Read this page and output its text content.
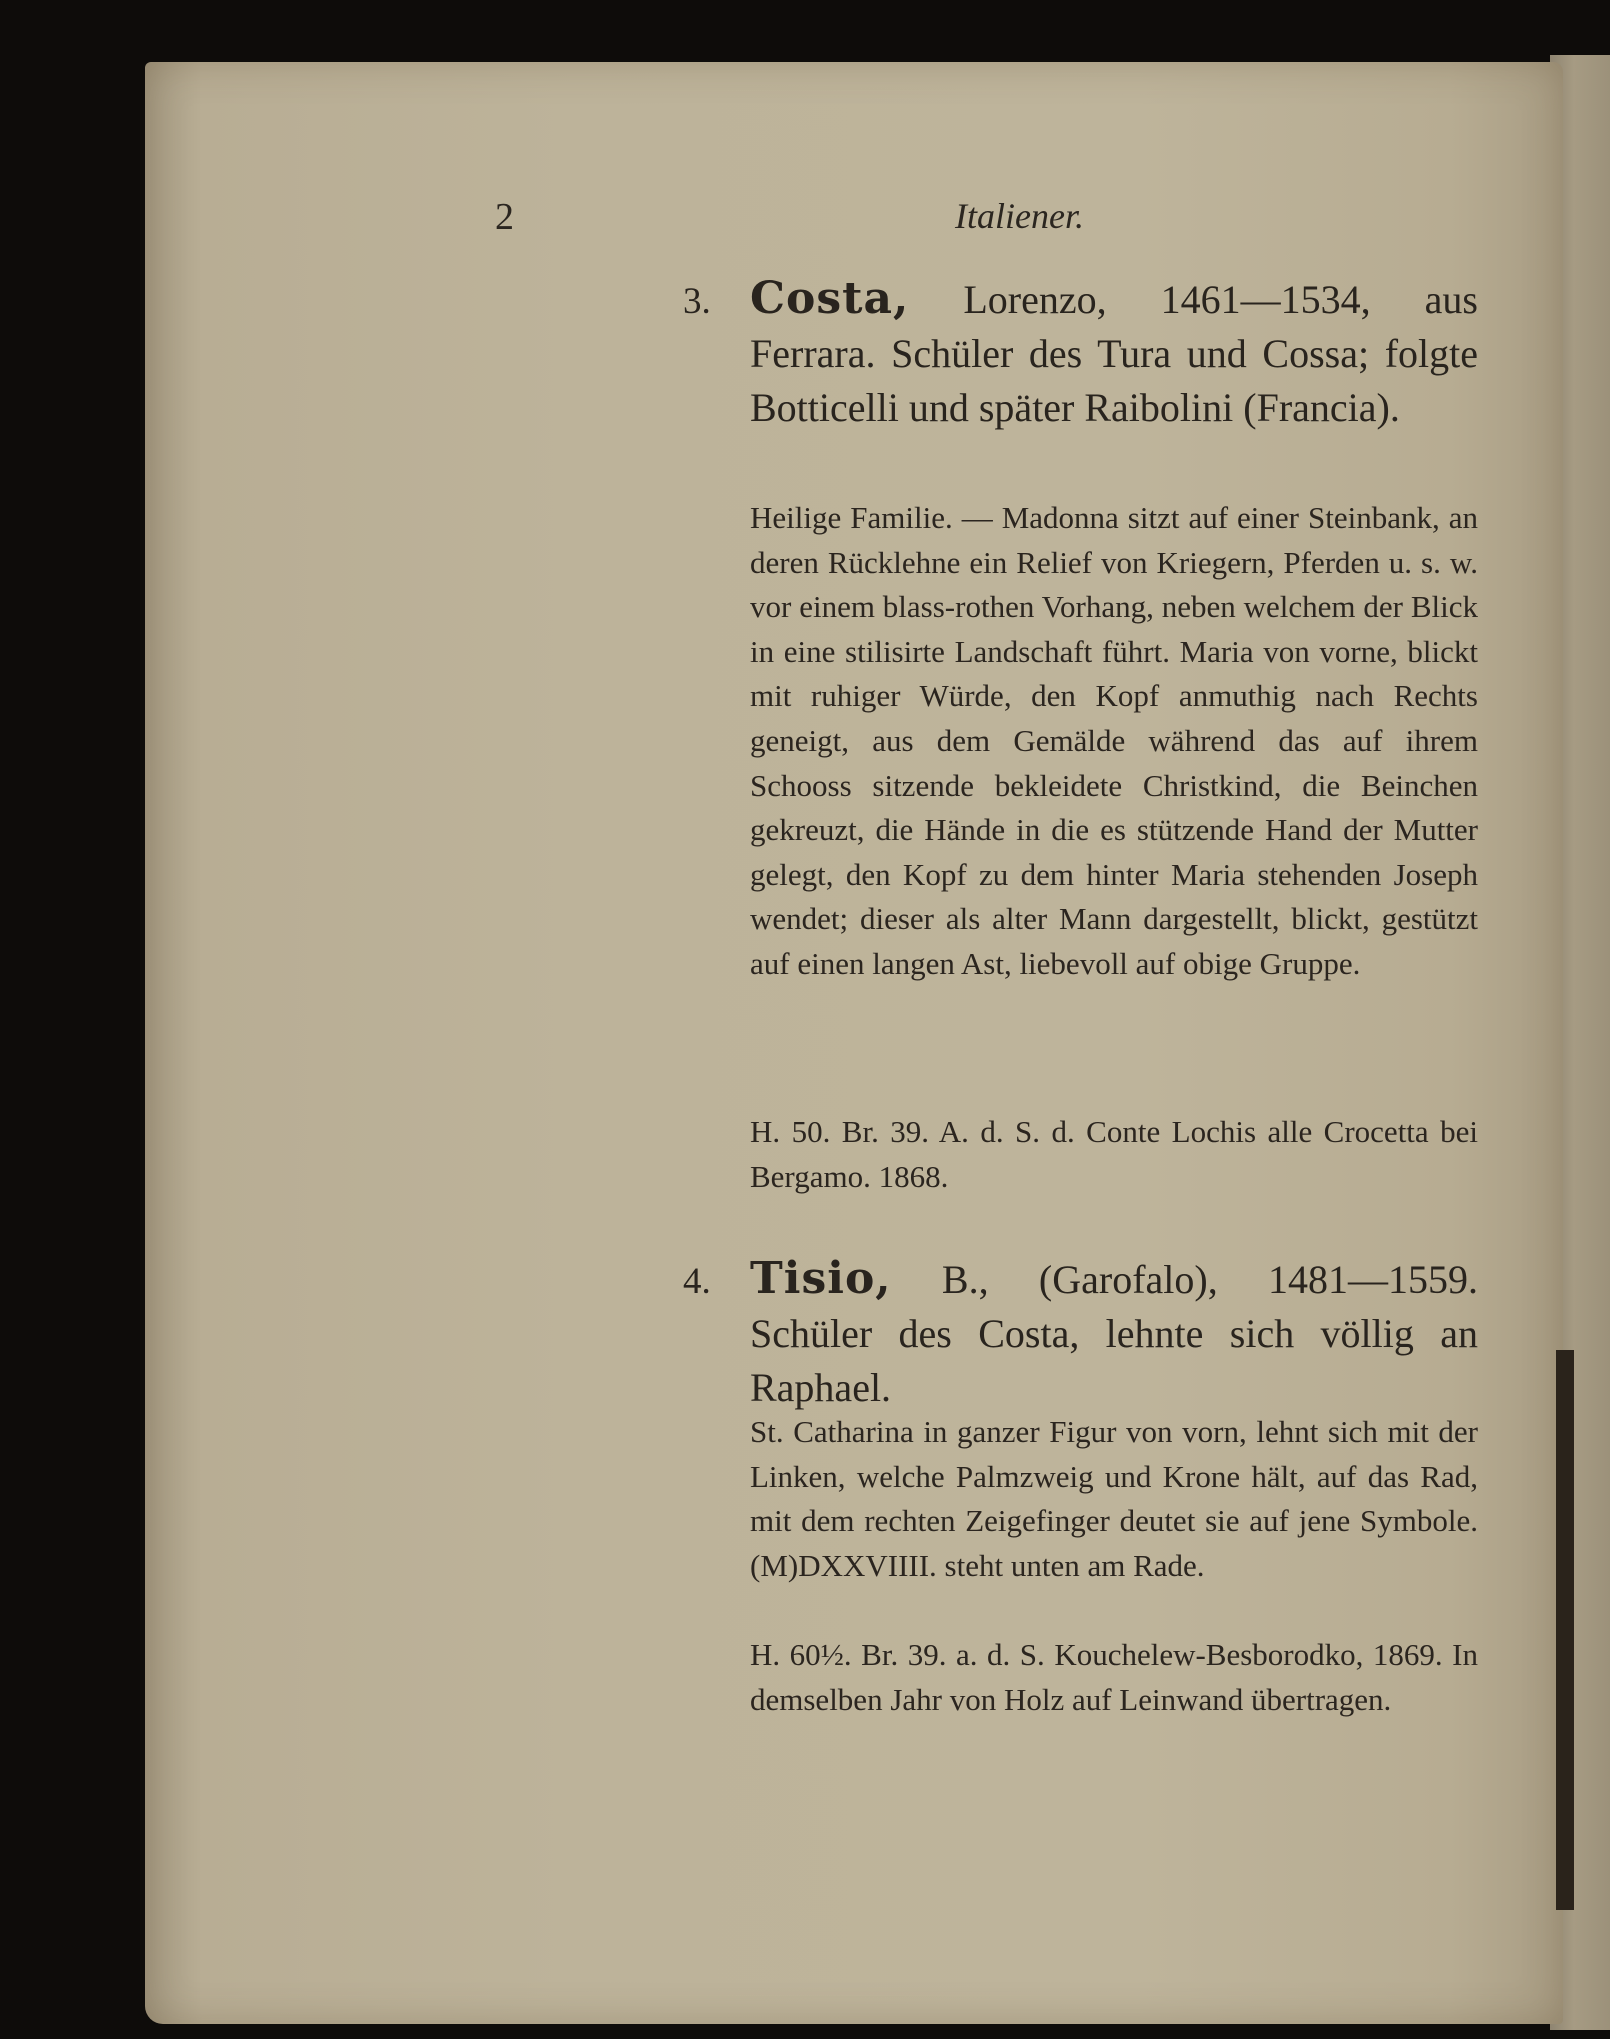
2	Italiener.
3. Costa, Lorenzo, 1461—1534, aus Ferrara. Schüler des Tura und Cossa; folgte Botticelli und später Raibolini (Francia).
Heilige Familie. — Madonna sitzt auf einer Steinbank, an deren Rücklehne ein Relief von Kriegern, Pferden u. s. w. vor einem blass-rothen Vorhang, neben welchem der Blick in eine stilisirte Landschaft führt. Maria von vorne, blickt mit ruhiger Würde, den Kopf anmuthig nach Rechts geneigt, aus dem Gemälde während das auf ihrem Schooss sitzende bekleidete Christkind, die Beinchen gekreuzt, die Hände in die es stützende Hand der Mutter gelegt, den Kopf zu dem hinter Maria stehenden Joseph wendet; dieser als alter Mann dargestellt, blickt, gestützt auf einen langen Ast, liebevoll auf obige Gruppe.
H. 50. Br. 39. A. d. S. d. Conte Lochis alle Crocetta bei Bergamo. 1868.
4. Tisio, B., (Garofalo), 1481—1559. Schüler des Costa, lehnte sich völlig an Raphael.
St. Catharina in ganzer Figur von vorn, lehnt sich mit der Linken, welche Palmzweig und Krone hält, auf das Rad, mit dem rechten Zeigefinger deutet sie auf jene Symbole. (M)DXXVIIII. steht unten am Rade.
H. 60½. Br. 39. a. d. S. Kouchelew-Besborodko, 1869. In demselben Jahr von Holz auf Leinwand übertragen.
